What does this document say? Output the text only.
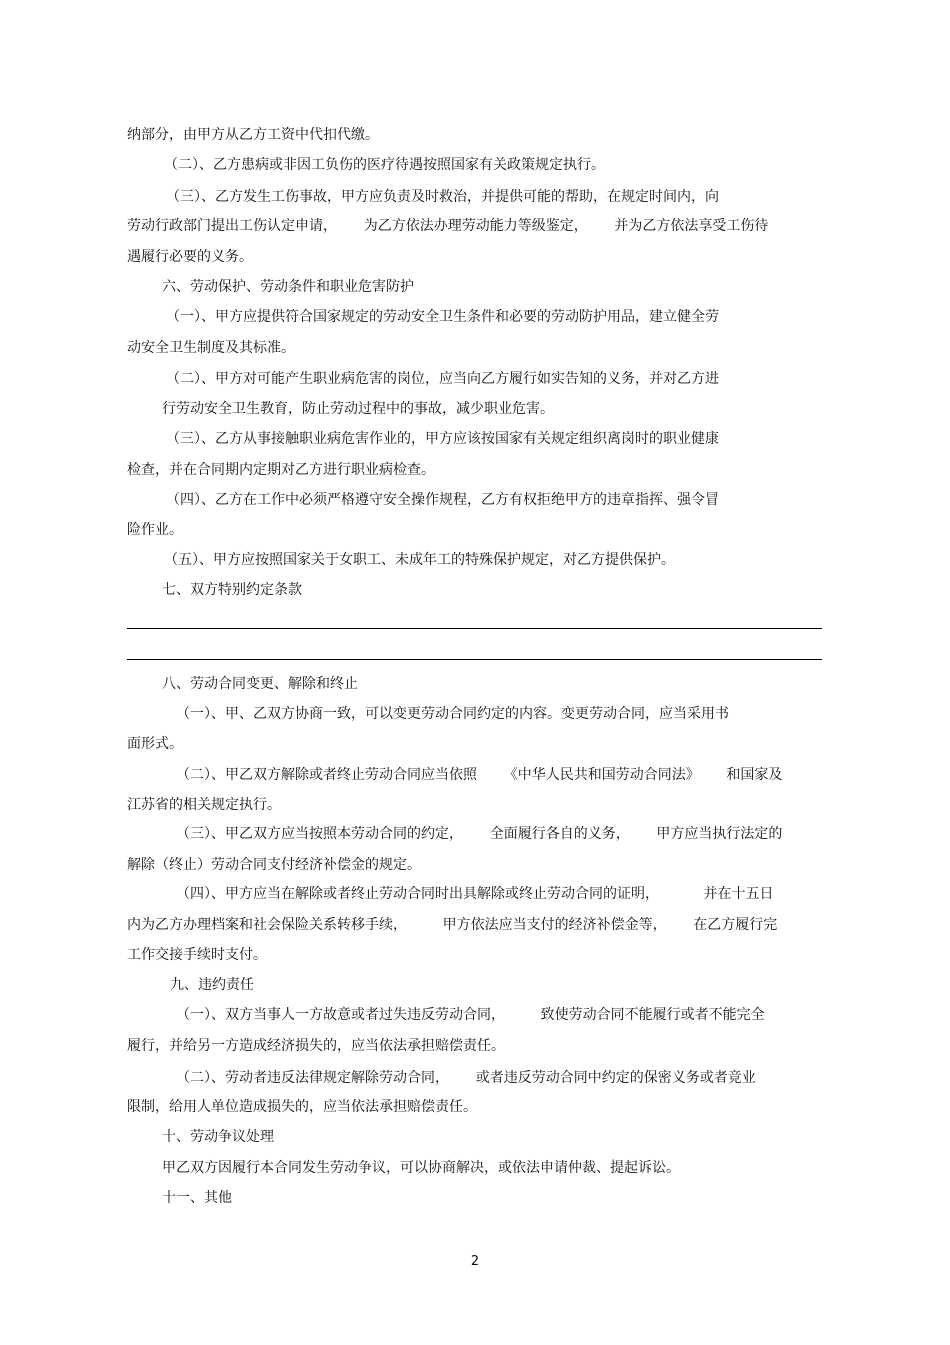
纳部分，由甲方从乙方工资中代扣代缴。

（二）、乙方患病或非因工负伤的医疗待遇按照国家有关政策规定执行。

（三）、乙方发生工伤事故，甲方应负责及时救治，并提供可能的帮助，在规定时间内，向

劳动行政部门提出工伤认定申请，      为乙方依法办理劳动能力等级鉴定，      并为乙方依法享受工伤待

遇履行必要的义务。

六、劳动保护、劳动条件和职业危害防护

（一）、甲方应提供符合国家规定的劳动安全卫生条件和必要的劳动防护用品，建立健全劳

动安全卫生制度及其标准。

（二）、甲方对可能产生职业病危害的岗位，应当向乙方履行如实告知的义务，并对乙方进

行劳动安全卫生教育，防止劳动过程中的事故，减少职业危害。

（三）、乙方从事接触职业病危害作业的，甲方应该按国家有关规定组织离岗时的职业健康

检查，并在合同期内定期对乙方进行职业病检查。

（四）、乙方在工作中必须严格遵守安全操作规程，乙方有权拒绝甲方的违章指挥、强令冒

险作业。

（五）、甲方应按照国家关于女职工、未成年工的特殊保护规定，对乙方提供保护。

七、双方特别约定条款

八、劳动合同变更、解除和终止

（一）、甲、乙双方协商一致，可以变更劳动合同约定的内容。变更劳动合同，应当采用书

面形式。

（二）、甲乙双方解除或者终止劳动合同应当依照      《中华人民共和国劳动合同法》      和国家及

江苏省的相关规定执行。

（三）、甲乙双方应当按照本劳动合同的约定，      全面履行各自的义务，      甲方应当执行法定的

解除（终止）劳动合同支付经济补偿金的规定。

（四）、甲方应当在解除或者终止劳动合同时出具解除或终止劳动合同的证明，          并在十五日

内为乙方办理档案和社会保险关系转移手续，        甲方依法应当支付的经济补偿金等，      在乙方履行完

工作交接手续时支付。

九、违约责任

（一）、双方当事人一方故意或者过失违反劳动合同，        致使劳动合同不能履行或者不能完全

履行，并给另一方造成经济损失的，应当依法承担赔偿责任。

（二）、劳动者违反法律规定解除劳动合同，      或者违反劳动合同中约定的保密义务或者竞业

限制，给用人单位造成损失的，应当依法承担赔偿责任。

十、劳动争议处理

甲乙双方因履行本合同发生劳动争议，可以协商解决，或依法申请仲裁、提起诉讼。

十一、其他

2
